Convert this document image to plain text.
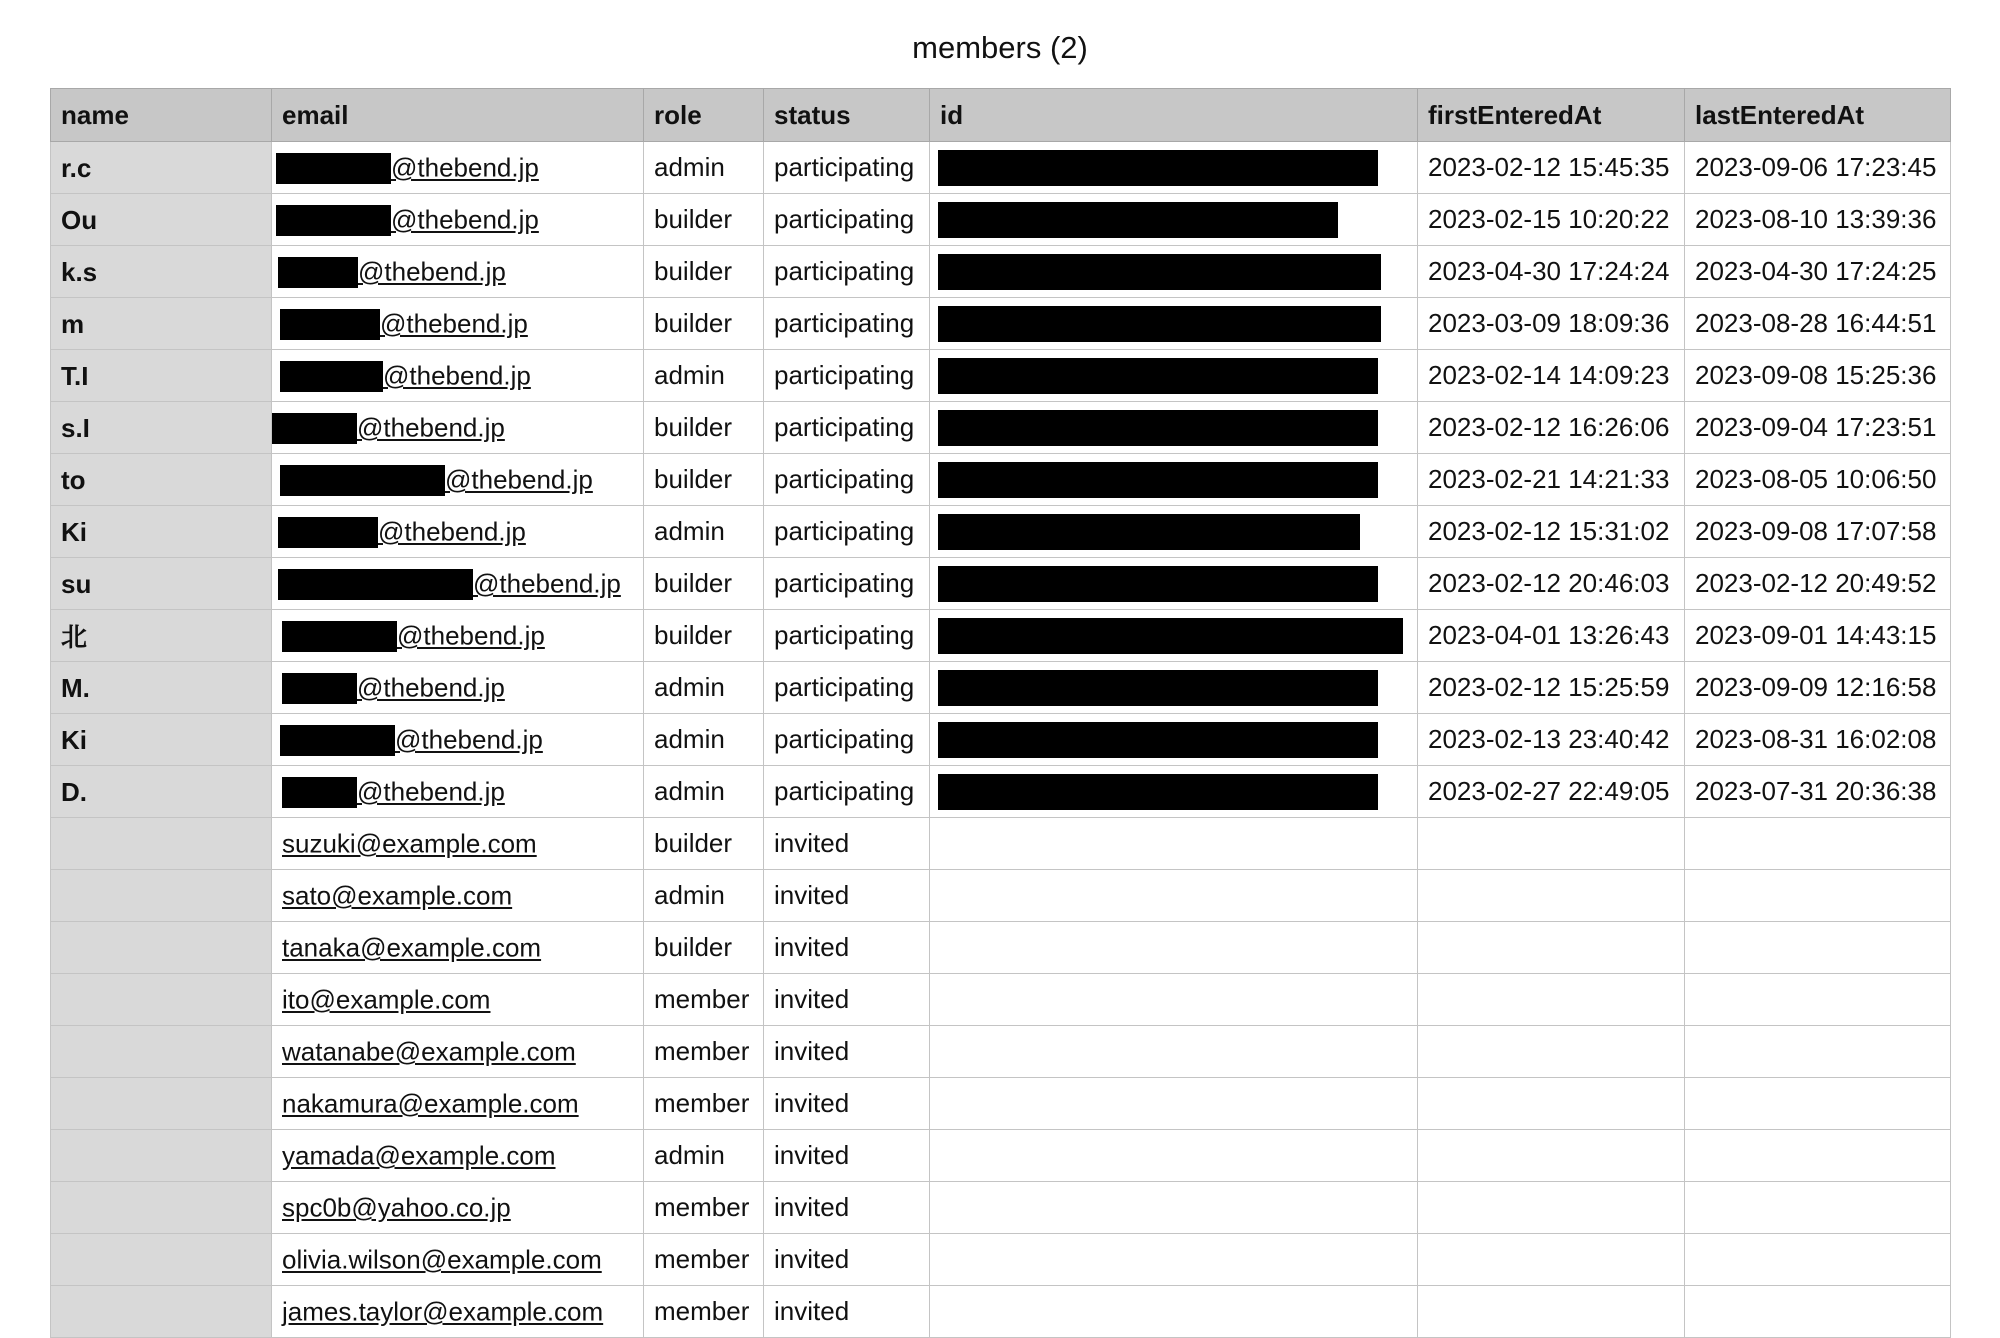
members (2)
name	email	role	status	id	firstEnteredAt	lastEnteredAt
r.c	@thebend.jp	admin	participating		2023-02-12 15:45:35	2023-09-06 17:23:45
Ou	@thebend.jp	builder	participating		2023-02-15 10:20:22	2023-08-10 13:39:36
k.s	@thebend.jp	builder	participating		2023-04-30 17:24:24	2023-04-30 17:24:25
m	@thebend.jp	builder	participating		2023-03-09 18:09:36	2023-08-28 16:44:51
T.I	@thebend.jp	admin	participating		2023-02-14 14:09:23	2023-09-08 15:25:36
s.I	@thebend.jp	builder	participating		2023-02-12 16:26:06	2023-09-04 17:23:51
to	@thebend.jp	builder	participating		2023-02-21 14:21:33	2023-08-05 10:06:50
Ki	@thebend.jp	admin	participating		2023-02-12 15:31:02	2023-09-08 17:07:58
su	@thebend.jp	builder	participating		2023-02-12 20:46:03	2023-02-12 20:49:52
北	@thebend.jp	builder	participating		2023-04-01 13:26:43	2023-09-01 14:43:15
M.	@thebend.jp	admin	participating		2023-02-12 15:25:59	2023-09-09 12:16:58
Ki	@thebend.jp	admin	participating		2023-02-13 23:40:42	2023-08-31 16:02:08
D.	@thebend.jp	admin	participating		2023-02-27 22:49:05	2023-07-31 20:36:38
	suzuki@example.com	builder	invited			
	sato@example.com	admin	invited			
	tanaka@example.com	builder	invited			
	ito@example.com	member	invited			
	watanabe@example.com	member	invited			
	nakamura@example.com	member	invited			
	yamada@example.com	admin	invited			
	spc0b@yahoo.co.jp	member	invited			
	olivia.wilson@example.com	member	invited			
	james.taylor@example.com	member	invited			
